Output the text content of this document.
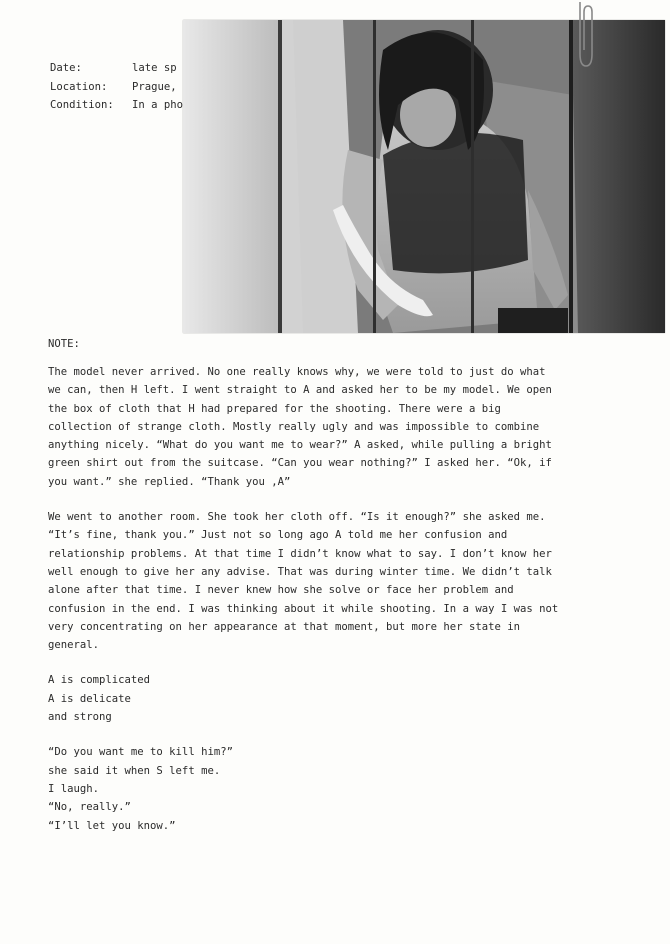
Date:	late sp
Location: Prague,
Condition: In a pho
NOTE:
The model never arrived. No one really knows why, we were told to just do what
we can, then H left. I went straight to A and asked her to be my model. We open
the box of cloth that H had prepared for the shooting. There were a big
collection of strange cloth. Mostly really ugly and was impossible to combine
anything nicely. “What do you want me to wear?” A asked, while pulling a bright
green shirt out from the suitcase. “Can you wear nothing?” I asked her. “Ok, if
you want.” she replied. “Thank you ,A”
We went to another room. She took her cloth off. “Is it enough?” she asked me.
“It’s fine, thank you.” Just not so long ago A told me her confusion and
relationship problems. At that time I didn’t know what to say. I don’t know her
well enough to give her any advise. That was during winter time. We didn’t talk
alone after that time. I never knew how she solve or face her problem and
confusion in the end. I was thinking about it while shooting. In a way I was not
very concentrating on her appearance at that moment, but more her state in
general.
A is complicated
A is delicate
and strong
“Do you want me to kill him?”
she said it when S left me.
I laugh.
“No, really.”
“I’ll let you know.”
